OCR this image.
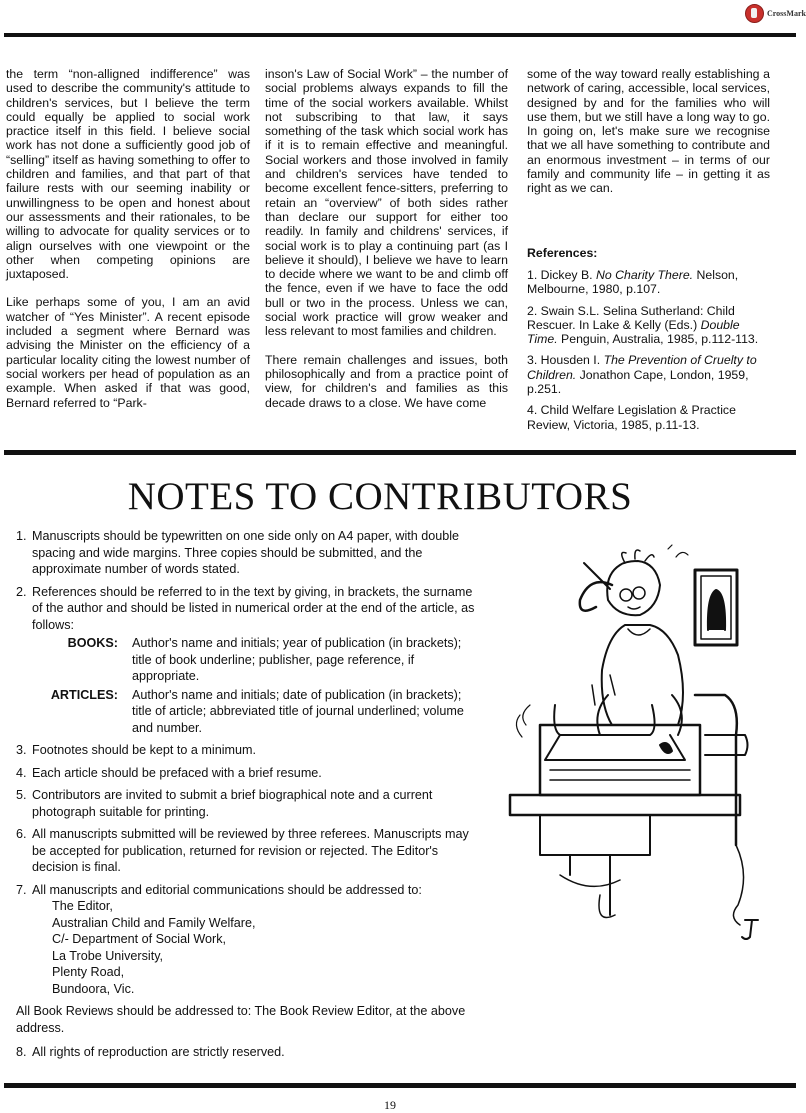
CrossMark

the term “non-alligned indifference” was used to describe the community's attitude to children's services, but I believe the term could equally be applied to social work practice itself in this field. I believe social work has not done a sufficiently good job of “selling” itself as having something to offer to children and families, and that part of that failure rests with our seeming inability or unwillingness to be open and honest about our assessments and their rationales, to be willing to advocate for quality services or to align ourselves with one viewpoint or the other when competing opinions are juxtaposed.

Like perhaps some of you, I am an avid watcher of “Yes Minister”. A recent episode included a segment where Bernard was advising the Minister on the efficiency of a particular locality citing the lowest number of social workers per head of population as an example. When asked if that was good, Bernard referred to “Park-

inson's Law of Social Work” – the number of social problems always expands to fill the time of the social workers available. Whilst not subscribing to that law, it says something of the task which social work has if it is to remain effective and meaningful. Social workers and those involved in family and children's services have tended to become excellent fence-sitters, preferring to retain an “overview” of both sides rather than declare our support for either too readily. In family and childrens' services, if social work is to play a continuing part (as I believe it should), I believe we have to learn to decide where we want to be and climb off the fence, even if we have to face the odd bull or two in the process. Unless we can, social work practice will grow weaker and less relevant to most families and children.

There remain challenges and issues, both philosophically and from a practice point of view, for children's and families as this decade draws to a close. We have come

some of the way toward really establishing a network of caring, accessible, local services, designed by and for the families who will use them, but we still have a long way to go. In going on, let's make sure we recognise that we all have something to contribute and an enormous investment – in terms of our family and community life – in getting it as right as we can.

References:
1. Dickey B. No Charity There. Nelson, Melbourne, 1980, p.107.
2. Swain S.L. Selina Sutherland: Child Rescuer. In Lake & Kelly (Eds.) Double Time. Penguin, Australia, 1985, p.112-113.
3. Housden I. The Prevention of Cruelty to Children. Jonathon Cape, London, 1959, p.251.
4. Child Welfare Legislation & Practice Review, Victoria, 1985, p.11-13.
NOTES TO CONTRIBUTORS
1. Manuscripts should be typewritten on one side only on A4 paper, with double spacing and wide margins. Three copies should be submitted, and the approximate number of words stated.
2. References should be referred to in the text by giving, in brackets, the surname of the author and should be listed in numerical order at the end of the article, as follows:
BOOKS:	Author's name and initials; year of publication (in brackets); title of book underline; publisher, page reference, if appropriate.
ARTICLES:	Author's name and initials; date of publication (in brackets); title of article; abbreviated title of journal underlined; volume and number.
3. Footnotes should be kept to a minimum.
4. Each article should be prefaced with a brief resume.
5. Contributors are invited to submit a brief biographical note and a current photograph suitable for printing.
6. All manuscripts submitted will be reviewed by three referees. Manuscripts may be accepted for publication, returned for revision or rejected. The Editor's decision is final.
7. All manuscripts and editorial communications should be addressed to:
The Editor,
Australian Child and Family Welfare,
C/- Department of Social Work,
La Trobe University,
Plenty Road,
Bundoora, Vic.
All Book Reviews should be addressed to: The Book Review Editor, at the above address.
8. All rights of reproduction are strictly reserved.
19
